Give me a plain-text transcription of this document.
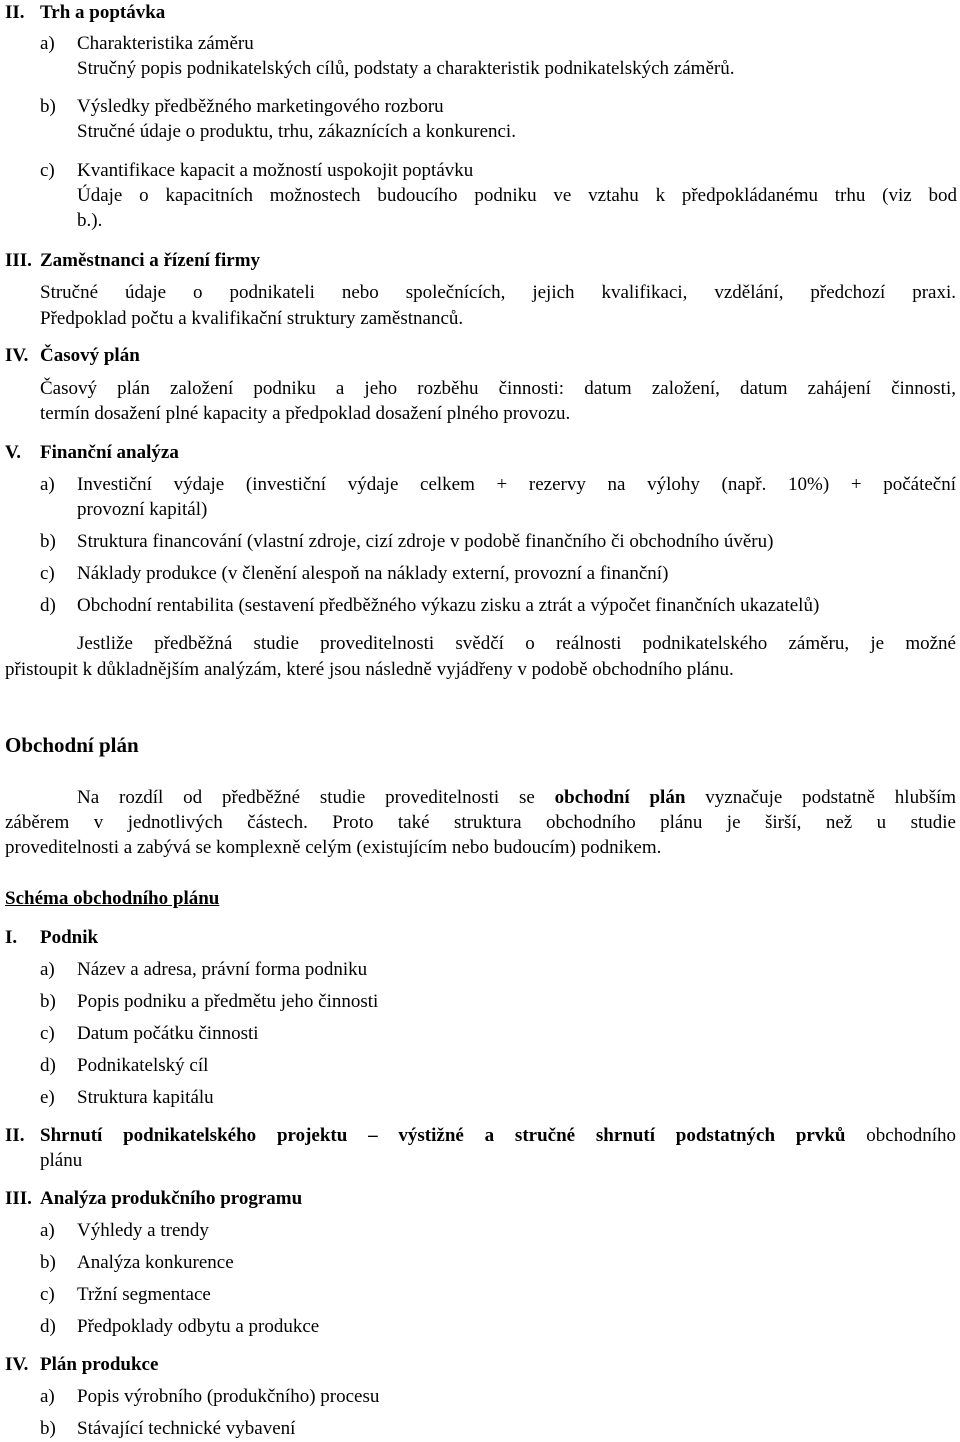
II. Trh a poptávka
a) Charakteristika záměru
Stručný popis podnikatelských cílů, podstaty a charakteristik podnikatelských záměrů.
b) Výsledky předběžného marketingového rozboru
Stručné údaje o produktu, trhu, zákaznících a konkurenci.
c) Kvantifikace kapacit a možností uspokojit poptávku
Údaje o kapacitních možnostech budoucího podniku ve vztahu k předpokládanému trhu (viz bod
b.).
III. Zaměstnanci a řízení firmy
Stručné údaje o podnikateli nebo společnících, jejich kvalifikaci, vzdělání, předchozí praxi.
Předpoklad počtu a kvalifikační struktury zaměstnanců.
IV. Časový plán
Časový plán založení podniku a jeho rozběhu činnosti: datum založení, datum zahájení činnosti,
termín dosažení plné kapacity a předpoklad dosažení plného provozu.
V. Finanční analýza
a) Investiční výdaje (investiční výdaje celkem + rezervy na výlohy (např. 10%) + počáteční
provozní kapitál)
b) Struktura financování (vlastní zdroje, cizí zdroje v podobě finančního či obchodního úvěru)
c) Náklady produkce (v členění alespoň na náklady externí, provozní a finanční)
d) Obchodní rentabilita (sestavení předběžného výkazu zisku a ztrát a výpočet finančních ukazatelů)
Jestliže předběžná studie proveditelnosti svědčí o reálnosti podnikatelského záměru, je možné
přistoupit k důkladnějším analýzám, které jsou následně vyjádřeny v podobě obchodního plánu.
Obchodní plán
Na rozdíl od předběžné studie proveditelnosti se obchodní plán vyznačuje podstatně hlubším
záběrem v jednotlivých částech. Proto také struktura obchodního plánu je širší, než u studie
proveditelnosti a zabývá se komplexně celým (existujícím nebo budoucím) podnikem.
Schéma obchodního plánu
I. Podnik
a) Název a adresa, právní forma podniku
b) Popis podniku a předmětu jeho činnosti
c) Datum počátku činnosti
d) Podnikatelský cíl
e) Struktura kapitálu
II. Shrnutí podnikatelského projektu – výstižné a stručné shrnutí podstatných prvků obchodního
plánu
III. Analýza produkčního programu
a) Výhledy a trendy
b) Analýza konkurence
c) Tržní segmentace
d) Předpoklady odbytu a produkce
IV. Plán produkce
a) Popis výrobního (produkčního) procesu
b) Stávající technické vybavení
